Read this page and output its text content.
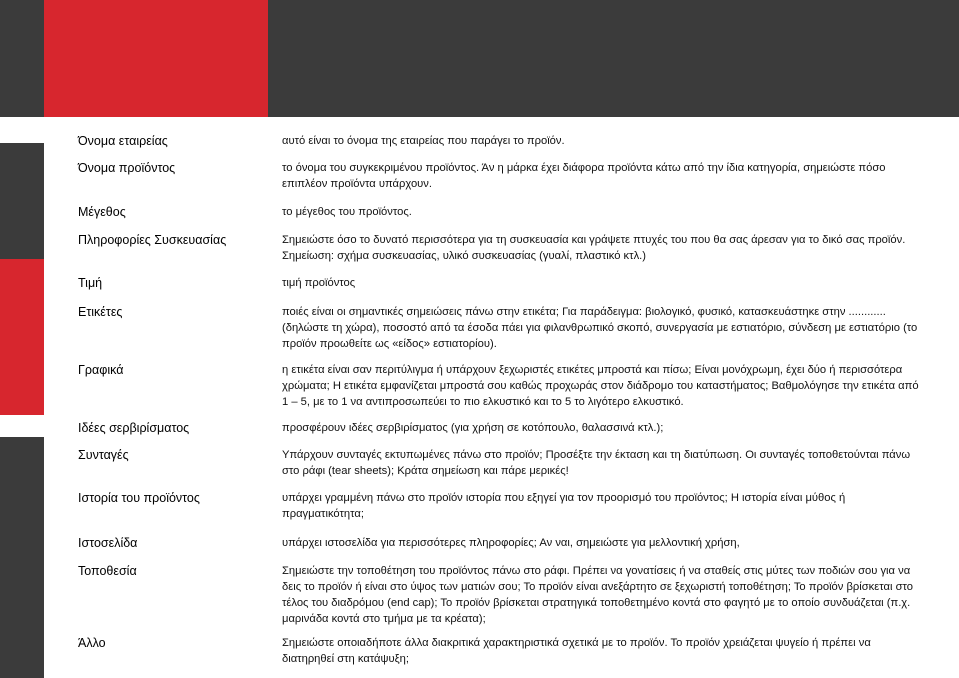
Όνομα εταιρείας	αυτό είναι το όνομα της εταιρείας που παράγει το προϊόν.
Όνομα προϊόντος	το όνομα του συγκεκριμένου προϊόντος. Άν η μάρκα έχει διάφορα προϊόντα κάτω από την ίδια κατηγορία, σημειώστε πόσο επιπλέον προϊόντα υπάρχουν.
Μέγεθος	το μέγεθος του προϊόντος.
Πληροφορίες Συσκευασίας	Σημειώστε όσο το δυνατό περισσότερα για τη συσκευασία και γράψετε πτυχές του που θα σας άρεσαν για το δικό σας προϊόν. Σημείωση: σχήμα συσκευασίας, υλικό συσκευασίας (γυαλί, πλαστικό κτλ.)
Τιμή	τιμή προϊόντος
Ετικέτες	ποιές είναι οι σημαντικές σημειώσεις πάνω στην ετικέτα; Για παράδειγμα: βιολογικό, φυσικό, κατασκευάστηκε στην ............ (δηλώστε τη χώρα), ποσοστό από τα έσοδα πάει για φιλανθρωπικό σκοπό, συνεργασία με εστιατόριο, σύνδεση με εστιατόριο (το προϊόν προωθείτε ως «είδος» εστιατορίου).
Γραφικά	η ετικέτα είναι σαν περιτύλιγμα ή υπάρχουν ξεχωριστές ετικέτες μπροστά και πίσω; Είναι μονόχρωμη, έχει δύο ή περισσότερα χρώματα; Η ετικέτα εμφανίζεται μπροστά σου καθώς προχωράς στον διάδρομο του καταστήματος; Βαθμολόγησε την ετικέτα από 1 – 5, με το 1 να αντιπροσωπεύει το πιο ελκυστικό και το 5 το λιγότερο ελκυστικό.
Ιδέες σερβιρίσματος	προσφέρουν ιδέες σερβιρίσματος (για χρήση σε κοτόπουλο, θαλασσινά κτλ.);
Συνταγές	Υπάρχουν συνταγές εκτυπωμένες πάνω στο προϊόν; Προσέξτε την έκταση και τη διατύπωση. Οι συνταγές τοποθετούνται πάνω στο ράφι (tear sheets); Κράτα σημείωση και πάρε μερικές!
Ιστορία του προϊόντος	υπάρχει γραμμένη πάνω στο προϊόν ιστορία που εξηγεί για τον προορισμό του προϊόντος; Η ιστορία είναι μύθος ή πραγματικότητα;
Ιστοσελίδα	υπάρχει ιστοσελίδα για περισσότερες πληροφορίες; Αν ναι, σημειώστε για μελλοντική χρήση,
Τοποθεσία	Σημειώστε την τοποθέτηση του προϊόντος πάνω στο ράφι. Πρέπει να γονατίσεις ή να σταθείς στις μύτες των ποδιών σου για να δεις το προϊόν ή είναι στο ύψος των ματιών σου; Το προϊόν είναι ανεξάρτητο σε ξεχωριστή τοποθέτηση; Το προϊόν βρίσκεται στο τέλος του διαδρόμου (end cap); Το προϊόν βρίσκεται στρατηγικά τοποθετημένο κοντά στο φαγητό με το οποίο συνδυάζεται (π.χ. μαρινάδα κοντά στο τμήμα με τα κρέατα);
Άλλο	Σημειώστε οποιαδήποτε άλλα διακριτικά χαρακτηριστικά σχετικά με το προϊόν. Το προϊόν χρειάζεται ψυγείο ή πρέπει να διατηρηθεί στη κατάψυξη;
